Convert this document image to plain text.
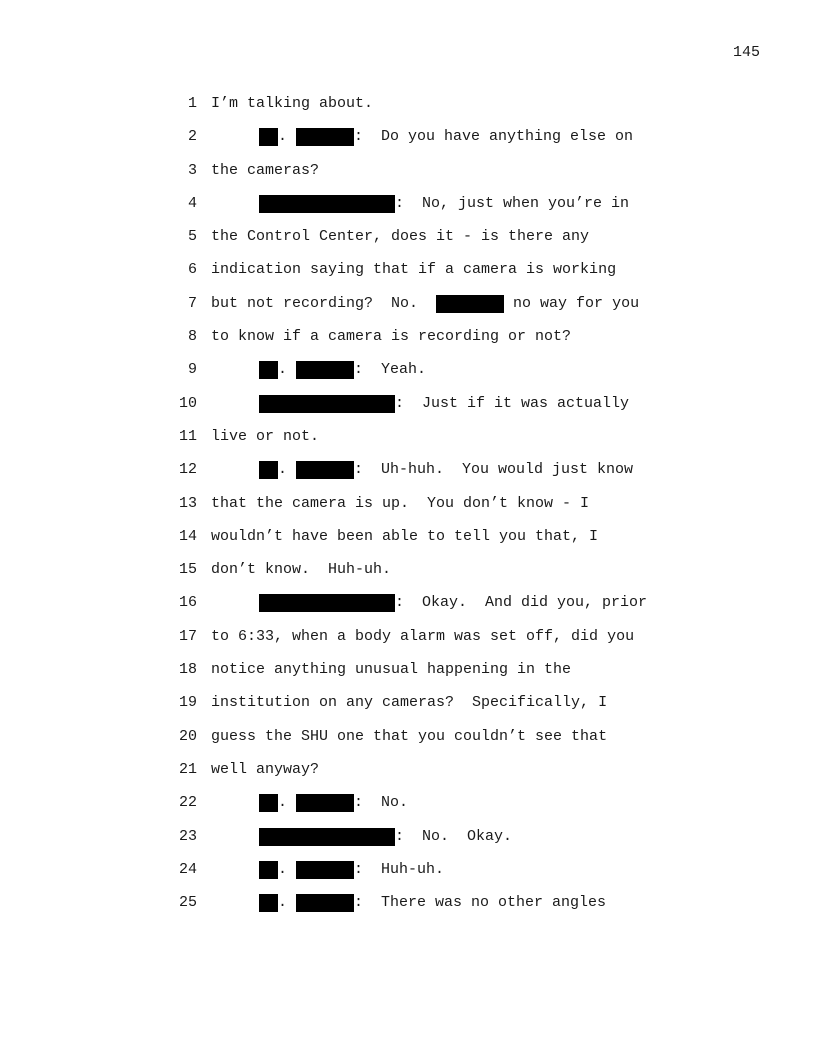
145

1

I’m talking about.

2

	.	:  Do you have anything else on

3

the cameras?

4

	:  No, just when you’re in

5

the Control Center, does it - is there any

6

indication saying that if a camera is working

7

but not recording?  No.	no way for you

8

to know if a camera is recording or not?

9

	.	:  Yeah.

10

	:  Just if it was actually

11

live or not.

12

	.	:  Uh-huh.  You would just know

13

that the camera is up.  You don’t know - I

14

wouldn’t have been able to tell you that, I

15

don’t know.  Huh-uh.

16

	:  Okay.  And did you, prior

17

to 6:33, when a body alarm was set off, did you

18

notice anything unusual happening in the

19

institution on any cameras?  Specifically, I

20

guess the SHU one that you couldn’t see that

21

well anyway?

22

	.	:  No.

23

	:  No.  Okay.

24

	.	:  Huh-uh.

25

	.	:  There was no other angles
